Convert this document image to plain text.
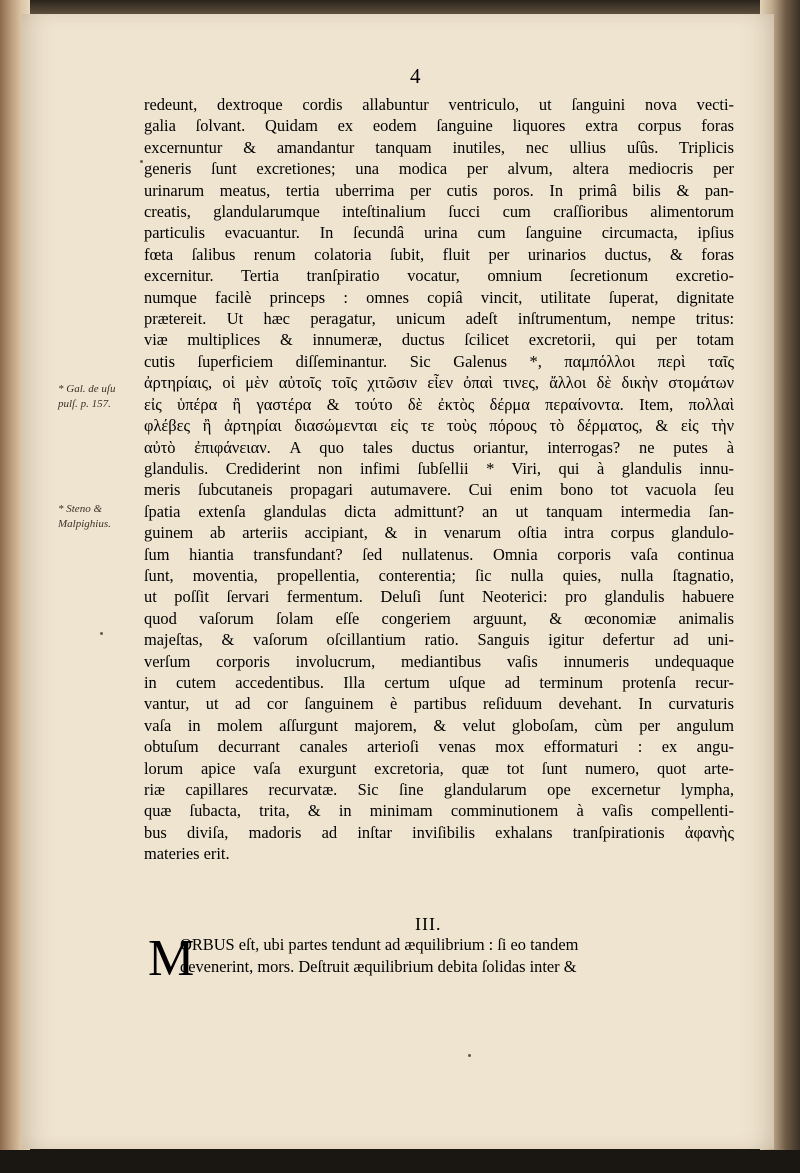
4
redeunt, dextroque cordis allabuntur ventriculo, ut ſanguini nova vecti-
galia ſolvant. Quidam ex eodem ſanguine liquores extra corpus foras
excernuntur & amandantur tanquam inutiles, nec ullius uſûs. Triplicis
generis ſunt excretiones; una modica per alvum, altera mediocris per
urinarum meatus, tertia uberrima per cutis poros. In primâ bilis & pan-
creatis, glandularumque inteſtinalium ſucci cum craſſioribus alimentorum
particulis evacuantur. In ſecundâ urina cum ſanguine circumacta, ipſius
fœta ſalibus renum colatoria ſubit, fluit per urinarios ductus, & foras
excernitur. Tertia tranſpiratio vocatur, omnium ſecretionum excretio-
numque facilè princeps : omnes copiâ vincit, utilitate ſuperat, dignitate
prætereit. Ut hæc peragatur, unicum adeſt inſtrumentum, nempe tritus:
viæ multiplices & innumeræ, ductus ſcilicet excretorii, qui per totam
cutis ſuperficiem diſſeminantur. Sic Galenus *, παμπόλλοι περὶ ταῖς
ἀρτηρίαις, οἱ μὲν αὐτοῖς τοῖς χιτῶσιν εἶεν ὀπαὶ τινες, ἄλλοι δὲ δικὴν στομάτων
εἰς ὑπέρα ἢ γαστέρα & τούτο δὲ ἐκτὸς δέρμα περαίνοντα. Item, πολλαὶ
φλέβες ἢ ἀρτηρίαι διασώμενται εἰς τε τοὺς πόρους τὸ δέρματος, & εἰς τὴν
αὐτὸ ἐπιφάνειαν. A quo tales ductus oriantur, interrogas? ne putes à
glandulis. Crediderint non infimi ſubſellii * Viri, qui à glandulis innu-
meris ſubcutaneis propagari autumaverе. Cui enim bono tot vacuola ſeu
ſpatia extenſa glandulas dicta admittunt? an ut tanquam intermedia ſan-
guinem ab arteriis accipiant, & in venarum oſtia intra corpus glandulo-
ſum hiantia transfundant? ſed nullatenus. Omnia corporis vaſa continua
ſunt, moventia, propellentia, conterentia; ſic nulla quies, nulla ſtagnatio,
ut poſſit ſervari fermentum. Deluſi ſunt Neoterici: pro glandulis habuere
quod vaſorum ſolam eſſe congeriem arguunt, & œconomiæ animalis
majeſtas, & vaſorum oſcillantium ratio. Sanguis igitur defertur ad uni-
verſum corporis involucrum, mediantibus vaſis innumeris undequaque
in cutem accedentibus. Illa certum uſque ad terminum protenſa recur-
vantur, ut ad cor ſanguinem è partibus reſiduum devehant. In curvaturis
vaſa in molem aſſurgunt majorem, & velut globoſam, cùm per angulum
obtuſum decurrant canales arterioſi venas mox efformaturi : ex angu-
lorum apice vaſa exurgunt excretoria, quæ tot ſunt numero, quot arte-
riæ capillares recurvatæ. Sic ſine glandularum ope excernetur lympha,
quæ ſubacta, trita, & in minimam comminutionem à vaſis compellenti-
bus diviſa, madoris ad inſtar inviſibilis exhalans tranſpirationis ἀφανὴς
materies erit.
* Gal. de uſu pulſ. p. 157.
* Steno & Malpighius.
III.
M
ORBUS eſt, ubi partes tendunt ad æquilibrium : ſi eo tandem
devenerint, mors. Deſtruit æquilibrium debita ſolidas inter &
